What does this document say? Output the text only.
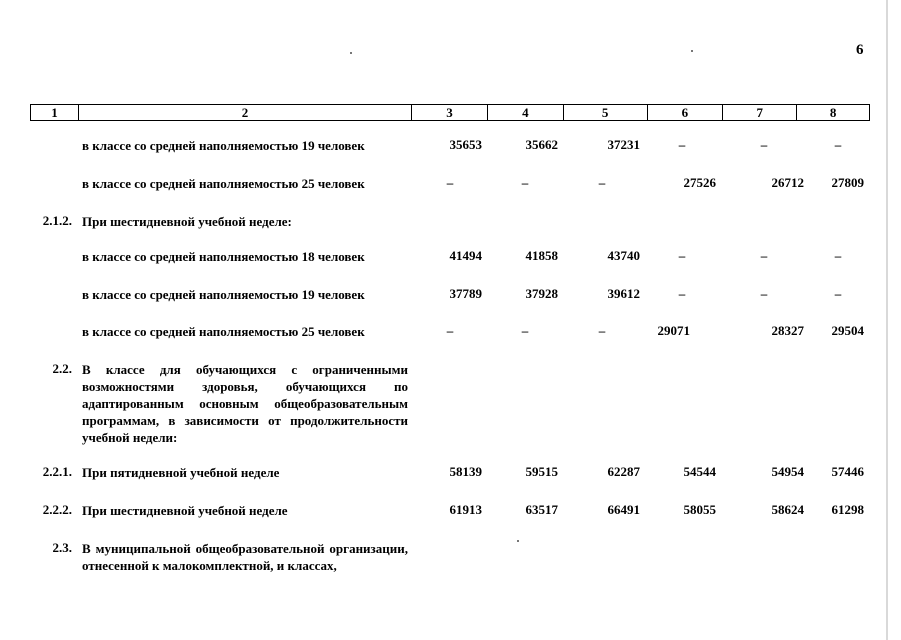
6
1	2	3	4	5	6	7	8
в классе со средней наполняемостью 19 человек	35653	35662	37231	–	–	–
в классе со средней наполняемостью 25 человек	–	–	–	27526	26712	27809
2.1.2. При шестидневной учебной неделе:
в классе со средней наполняемостью 18 человек	41494	41858	43740	–	–	–
в классе со средней наполняемостью 19 человек	37789	37928	39612	–	–	–
в классе со средней наполняемостью 25 человек	–	–	–	29071	28327	29504
2.2. В классе для обучающихся с ограниченными возможностями здоровья, обучающихся по адаптированным основным общеобразовательным программам, в зависимости от продолжительности учебной недели:
2.2.1. При пятидневной учебной неделе	58139	59515	62287	54544	54954	57446
2.2.2. При шестидневной учебной неделе	61913	63517	66491	58055	58624	61298
2.3. В муниципальной общеобразовательной организации, отнесенной к малокомплектной, и классах,
